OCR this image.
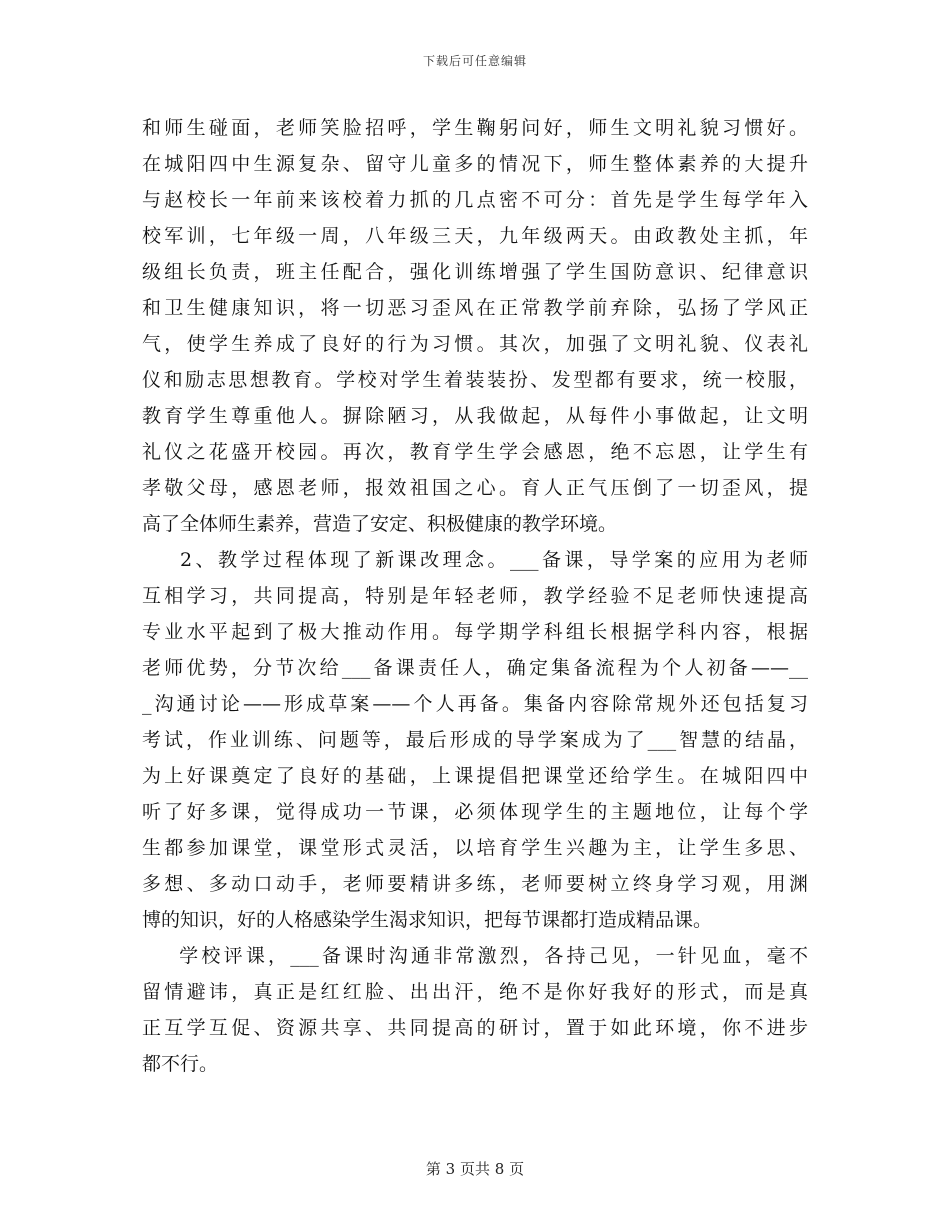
下载后可任意编辑
和师生碰面，老师笑脸招呼，学生鞠躬问好，师生文明礼貌习惯好。
在城阳四中生源复杂、留守儿童多的情况下，师生整体素养的大提升
与赵校长一年前来该校着力抓的几点密不可分：首先是学生每学年入
校军训，七年级一周，八年级三天，九年级两天。由政教处主抓，年
级组长负责，班主任配合，强化训练增强了学生国防意识、纪律意识
和卫生健康知识，将一切恶习歪风在正常教学前弃除，弘扬了学风正
气，使学生养成了良好的行为习惯。其次，加强了文明礼貌、仪表礼
仪和励志思想教育。学校对学生着装装扮、发型都有要求，统一校服，
教育学生尊重他人。摒除陋习，从我做起，从每件小事做起，让文明
礼仪之花盛开校园。再次，教育学生学会感恩，绝不忘恩，让学生有
孝敬父母，感恩老师，报效祖国之心。育人正气压倒了一切歪风，提
高了全体师生素养，营造了安定、积极健康的教学环境。
2、教学过程体现了新课改理念。___备课，导学案的应用为老师
互相学习，共同提高，特别是年轻老师，教学经验不足老师快速提高
专业水平起到了极大推动作用。每学期学科组长根据学科内容，根据
老师优势，分节次给___备课责任人，确定集备流程为个人初备——__
_沟通讨论——形成草案——个人再备。集备内容除常规外还包括复习
考试，作业训练、问题等，最后形成的导学案成为了___智慧的结晶，
为上好课奠定了良好的基础，上课提倡把课堂还给学生。在城阳四中
听了好多课，觉得成功一节课，必须体现学生的主题地位，让每个学
生都参加课堂，课堂形式灵活，以培育学生兴趣为主，让学生多思、
多想、多动口动手，老师要精讲多练，老师要树立终身学习观，用渊
博的知识，好的人格感染学生渴求知识，把每节课都打造成精品课。
学校评课，___备课时沟通非常激烈，各持己见，一针见血，毫不
留情避讳，真正是红红脸、出出汗，绝不是你好我好的形式，而是真
正互学互促、资源共享、共同提高的研讨，置于如此环境，你不进步
都不行。
第 3 页共 8 页
